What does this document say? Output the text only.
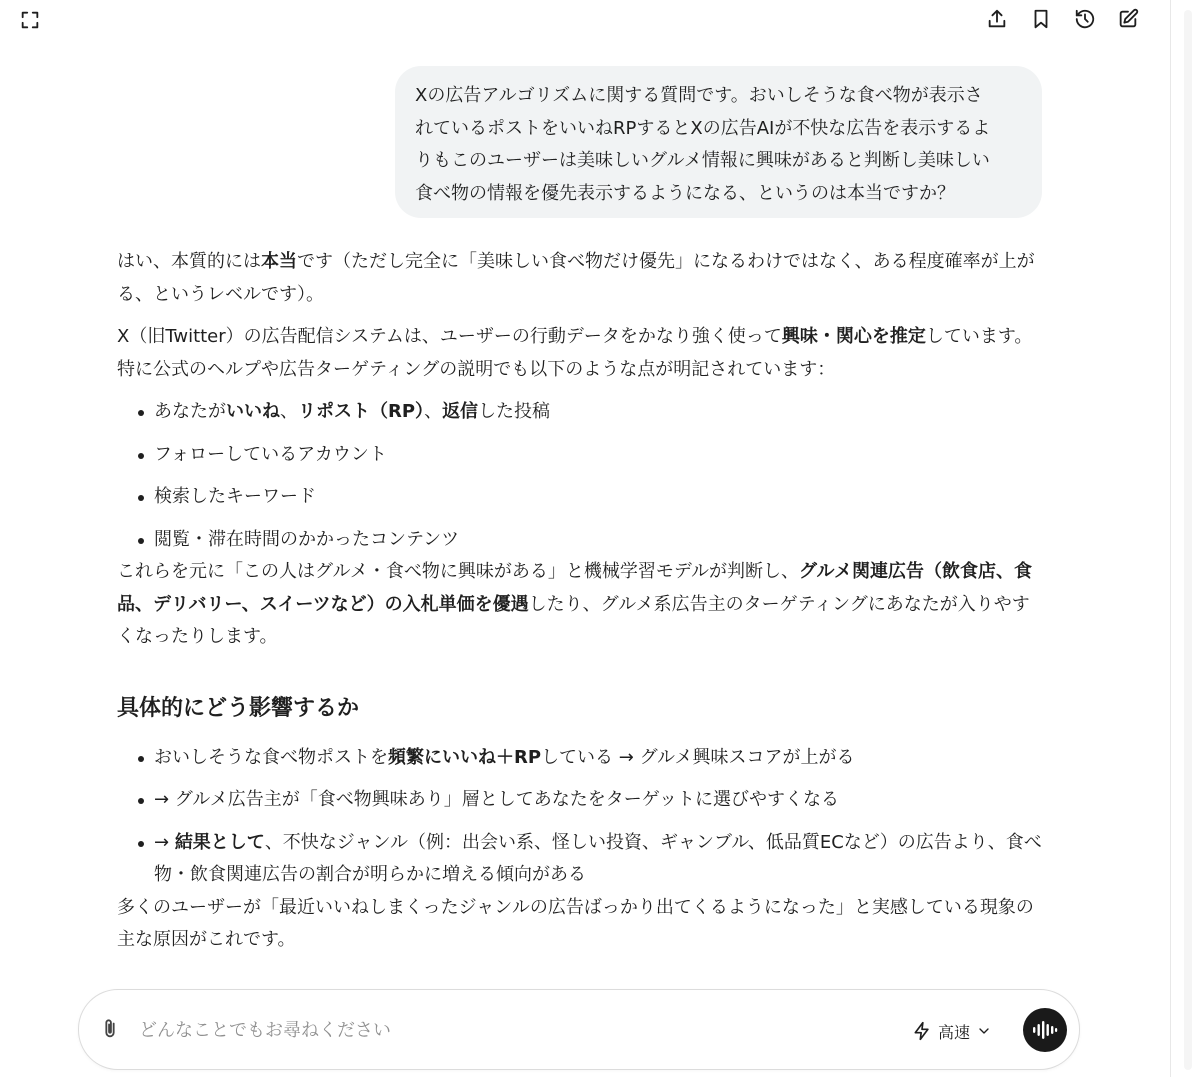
Xの広告アルゴリズムに関する質問です。おいしそうな食べ物が表示さ

れているポストをいいねRPするとXの広告AIが不快な広告を表示するよ

りもこのユーザーは美味しいグルメ情報に興味があると判断し美味しい

食べ物の情報を優先表示するようになる、というのは本当ですか？

はい、本質的には本当です（ただし完全に「美味しい食べ物だけ優先」になるわけではなく、ある程度確率が上がる、というレベルです）。

X（旧Twitter）の広告配信システムは、ユーザーの行動データをかなり強く使って興味・関心を推定しています。特に公式のヘルプや広告ターゲティングの説明でも以下のような点が明記されています：

あなたがいいね、リポスト（RP）、返信した投稿
フォローしているアカウント
検索したキーワード
閲覧・滞在時間のかかったコンテンツ

これらを元に「この人はグルメ・食べ物に興味がある」と機械学習モデルが判断し、グルメ関連広告（飲食店、食品、デリバリー、スイーツなど）の入札単価を優遇したり、グルメ系広告主のターゲティングにあなたが入りやすくなったりします。

具体的にどう影響するか
おいしそうな食べ物ポストを頻繁にいいね＋RPしている → グルメ興味スコアが上がる
→ グルメ広告主が「食べ物興味あり」層としてあなたをターゲットに選びやすくなる
→ 結果として、不快なジャンル（例：出会い系、怪しい投資、ギャンブル、低品質ECなど）の広告より、食べ物・飲食関連広告の割合が明らかに増える傾向がある

多くのユーザーが「最近いいねしまくったジャンルの広告ばっかり出てくるようになった」と実感している現象の主な原因がこれです。

どんなことでもお尋ねください
高速
